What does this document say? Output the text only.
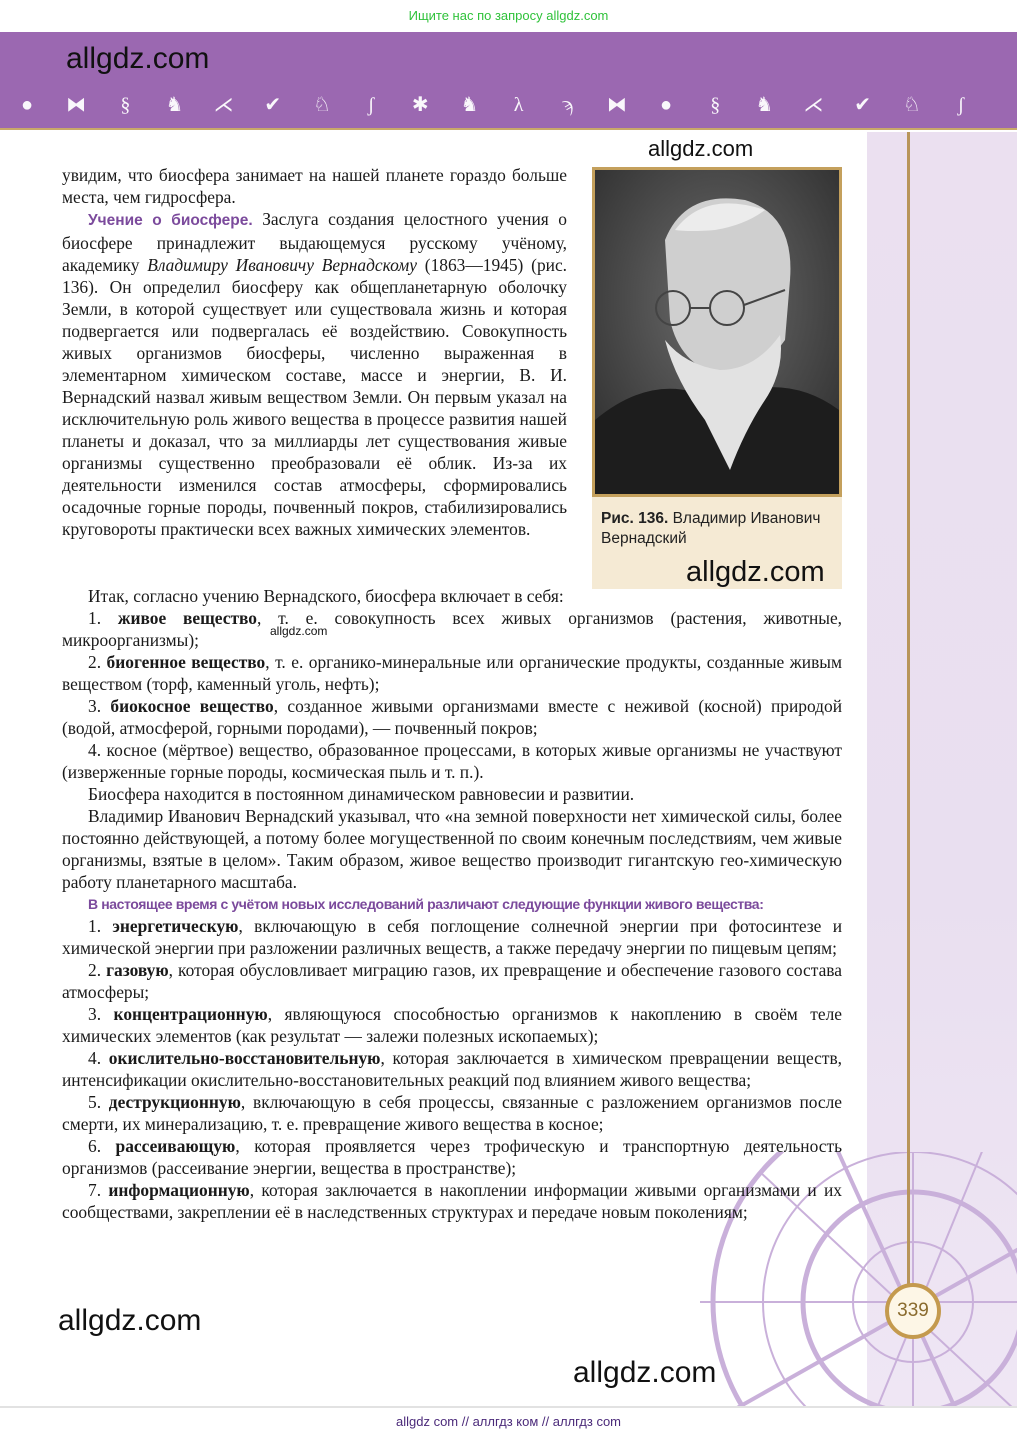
Ищите нас по запросу allgdz.com
allgdz.com
●	⧓	§	♞ ⋌ ✔ ♘	ʃ	✱ ♞	λ	ϡ	⧓	●	§	♞ ⋌ ✔ ♘	ʃ
339

увидим, что биосфера занимает на нашей планете гораздо больше места, чем гидросфера.

Учение о биосфере. Заслуга создания целостного учения о биосфере принадлежит выдающемуся русскому учёному, академику Владимиру Ивановичу Вернадскому (1863—1945) (рис. 136). Он определил биосферу как общепланетарную оболочку Земли, в которой существует или существовала жизнь и которая подвергается или подвергалась её воздействию. Совокупность живых организмов биосферы, численно выраженная в элементарном химическом составе, массе и энергии, В. И. Вернадский назвал живым веществом Земли. Он первым указал на исключительную роль живого вещества в процессе развития нашей планеты и доказал, что за миллиарды лет существования живые организмы существенно преобразовали её облик. Из-за их деятельности изменился состав атмосферы, сформировались осадочные горные породы, почвенный покров, стабилизировались круговороты практически всех важных химических элементов.

Рис. 136. Владимир Иванович Вернадский

Итак, согласно учению Вернадского, биосфера включает в себя:

1. живое вещество, т. е. совокупность всех живых организмов (растения, животные, микроорганизмы);

2. биогенное вещество, т. е. органико-минеральные или органические продукты, созданные живым веществом (торф, каменный уголь, нефть);

3. биокосное вещество, созданное живыми организмами вместе с неживой (косной) природой (водой, атмосферой, горными породами), — почвенный покров;

4. косное (мёртвое) вещество, образованное процессами, в которых живые организмы не участвуют (изверженные горные породы, космическая пыль и т. п.).

Биосфера находится в постоянном динамическом равновесии и развитии.

Владимир Иванович Вернадский указывал, что «на земной поверхности нет химической силы, более постоянно действующей, а потому более могущественной по своим конечным последствиям, чем живые организмы, взятые в целом». Таким образом, живое вещество производит гигантскую гео-химическую работу планетарного масштаба.

В настоящее время с учётом новых исследований различают следующие функции живого вещества:

1. энергетическую, включающую в себя поглощение солнечной энергии при фотосинтезе и химической энергии при разложении различных веществ, а также передачу энергии по пищевым цепям;

2. газовую, которая обусловливает миграцию газов, их превращение и обеспечение газового состава атмосферы;

3. концентрационную, являющуюся способностью организмов к накоплению в своём теле химических элементов (как результат — залежи полезных ископаемых);

4. окислительно-восстановительную, которая заключается в химическом превращении веществ, интенсификации окислительно-восстановительных реакций под влиянием живого вещества;

5. деструкционную, включающую в себя процессы, связанные с разложением организмов после смерти, их минерализацию, т. е. превращение живого вещества в косное;

6. рассеивающую, которая проявляется через трофическую и транспортную деятельность организмов (рассеивание энергии, вещества в пространстве);

7. информационную, которая заключается в накоплении информации живыми организмами и их сообществами, закреплении её в наследственных структурах и передаче новым поколениям;

allgdz.com
allgdz.com
allgdz.com
allgdz.com
allgdz.com
allgdz com // аллгдз ком // аллгдз com
